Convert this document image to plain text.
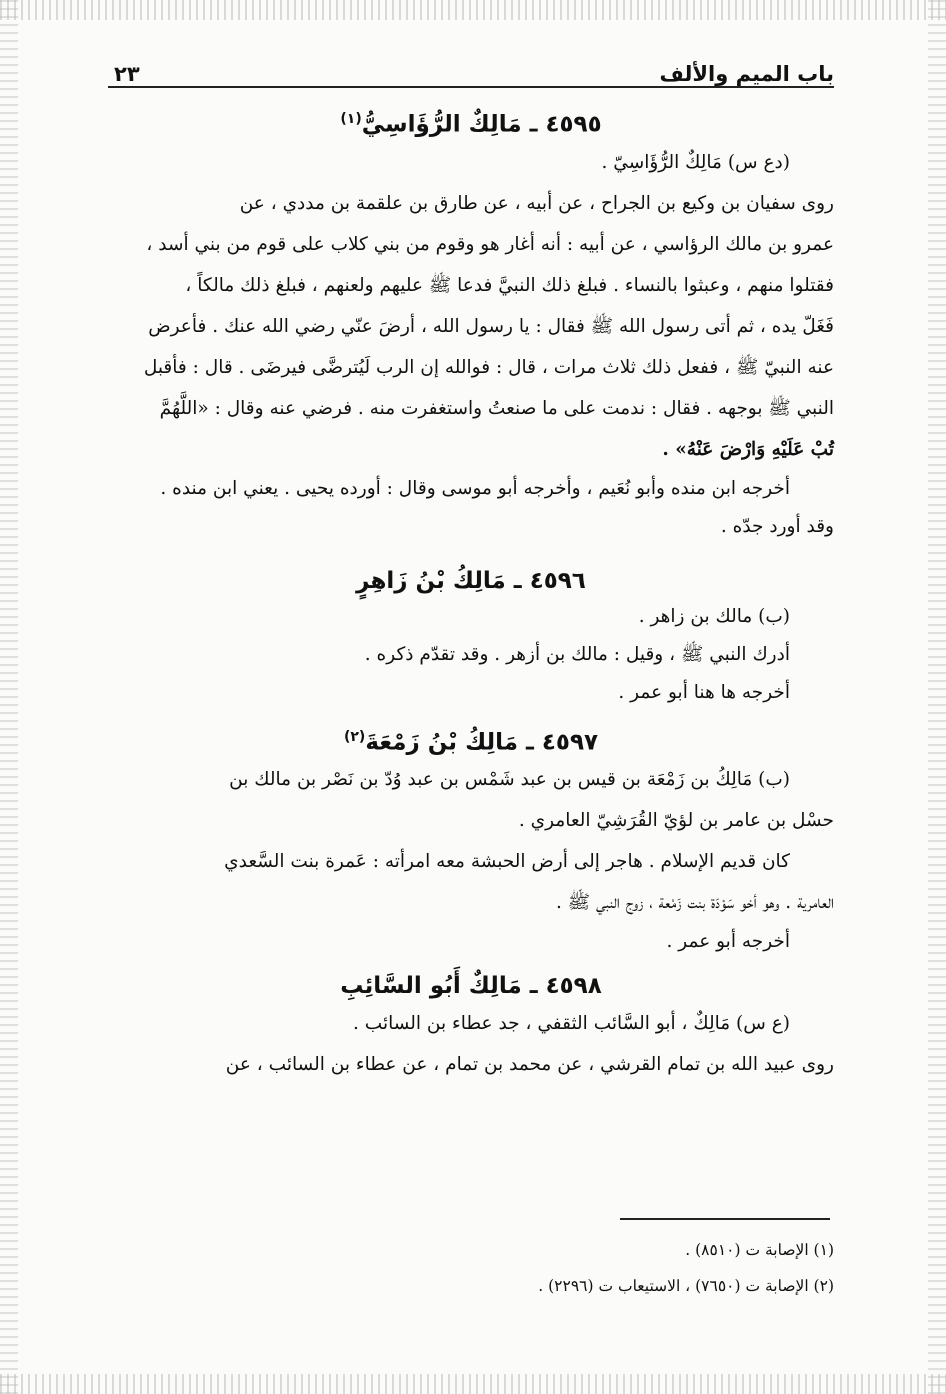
باب الميم والألف
٢٣
٤٥٩٥ ـ مَالِكٌ الرُّؤَاسِيُّ$^{(١)}$

(دع س) مَالِكٌ الرُّؤَاسِيّ .

روى سفيان بن وكيع بن الجراح ، عن أبيه ، عن طارق بن علقمة بن مددي ، عن

عمرو بن مالك الرؤاسي ، عن أبيه : أنه أغار هو وقوم من بني كلاب على قوم من بني أسد ،

فقتلوا منهم ، وعبثوا بالنساء . فبلغ ذلك النبيَّ فدعا ﷺ عليهم ولعنهم ، فبلغ ذلك مالكاً ،

فَغَلّ يده ، ثم أتى رسول الله ﷺ فقال : يا رسول الله ، أرضَ عنّي رضي الله عنك . فأعرض

عنه النبيّ ﷺ ، ففعل ذلك ثلاث مرات ، قال : فوالله إن الرب لَيُترضَّى فيرضَى . قال : فأقبل

النبي ﷺ بوجهه . فقال : ندمت على ما صنعتُ واستغفرت منه . فرضي عنه وقال : «اللَّهُمَّ

تُبْ عَلَيْهِ وَارْضَ عَنْهُ» .

أخرجه ابن منده وأبو نُعَيم ، وأخرجه أبو موسى وقال : أورده يحيى . يعني ابن منده .

وقد أورد جدّه .

٤٥٩٦ ـ مَالِكُ بْنُ زَاهِرٍ

(ب) مالك بن زاهر .

أدرك النبي ﷺ ، وقيل : مالك بن أزهر . وقد تقدّم ذكره .

أخرجه ها هنا أبو عمر .

٤٥٩٧ ـ مَالِكُ بْنُ زَمْعَةَ$^{(٢)}$

(ب) مَالِكُ بن زَمْعَة بن قيس بن عبد شَمْس بن عبد وُدّ بن نَصْر بن مالك بن

حسْل بن عامر بن لؤيّ القُرَشِيّ العامري .

كان قديم الإسلام . هاجر إلى أرض الحبشة معه امرأته : عَمرة بنت السَّعدي

العامرية . وهو أخو سَوْدَة بنت زَمْعة ، زوج النبي ﷺ .

أخرجه أبو عمر .

٤٥٩٨ ـ مَالِكٌ أَبُو السَّائِبِ

(ع س) مَالِكٌ ، أبو السَّائب الثقفي ، جد عطاء بن السائب .

روى عبيد الله بن تمام القرشي ، عن محمد بن تمام ، عن عطاء بن السائب ، عن

(١) الإصابة ت (٨٥١٠) .
(٢) الإصابة ت (٧٦٥٠) ، الاستيعاب ت (٢٢٩٦) .
